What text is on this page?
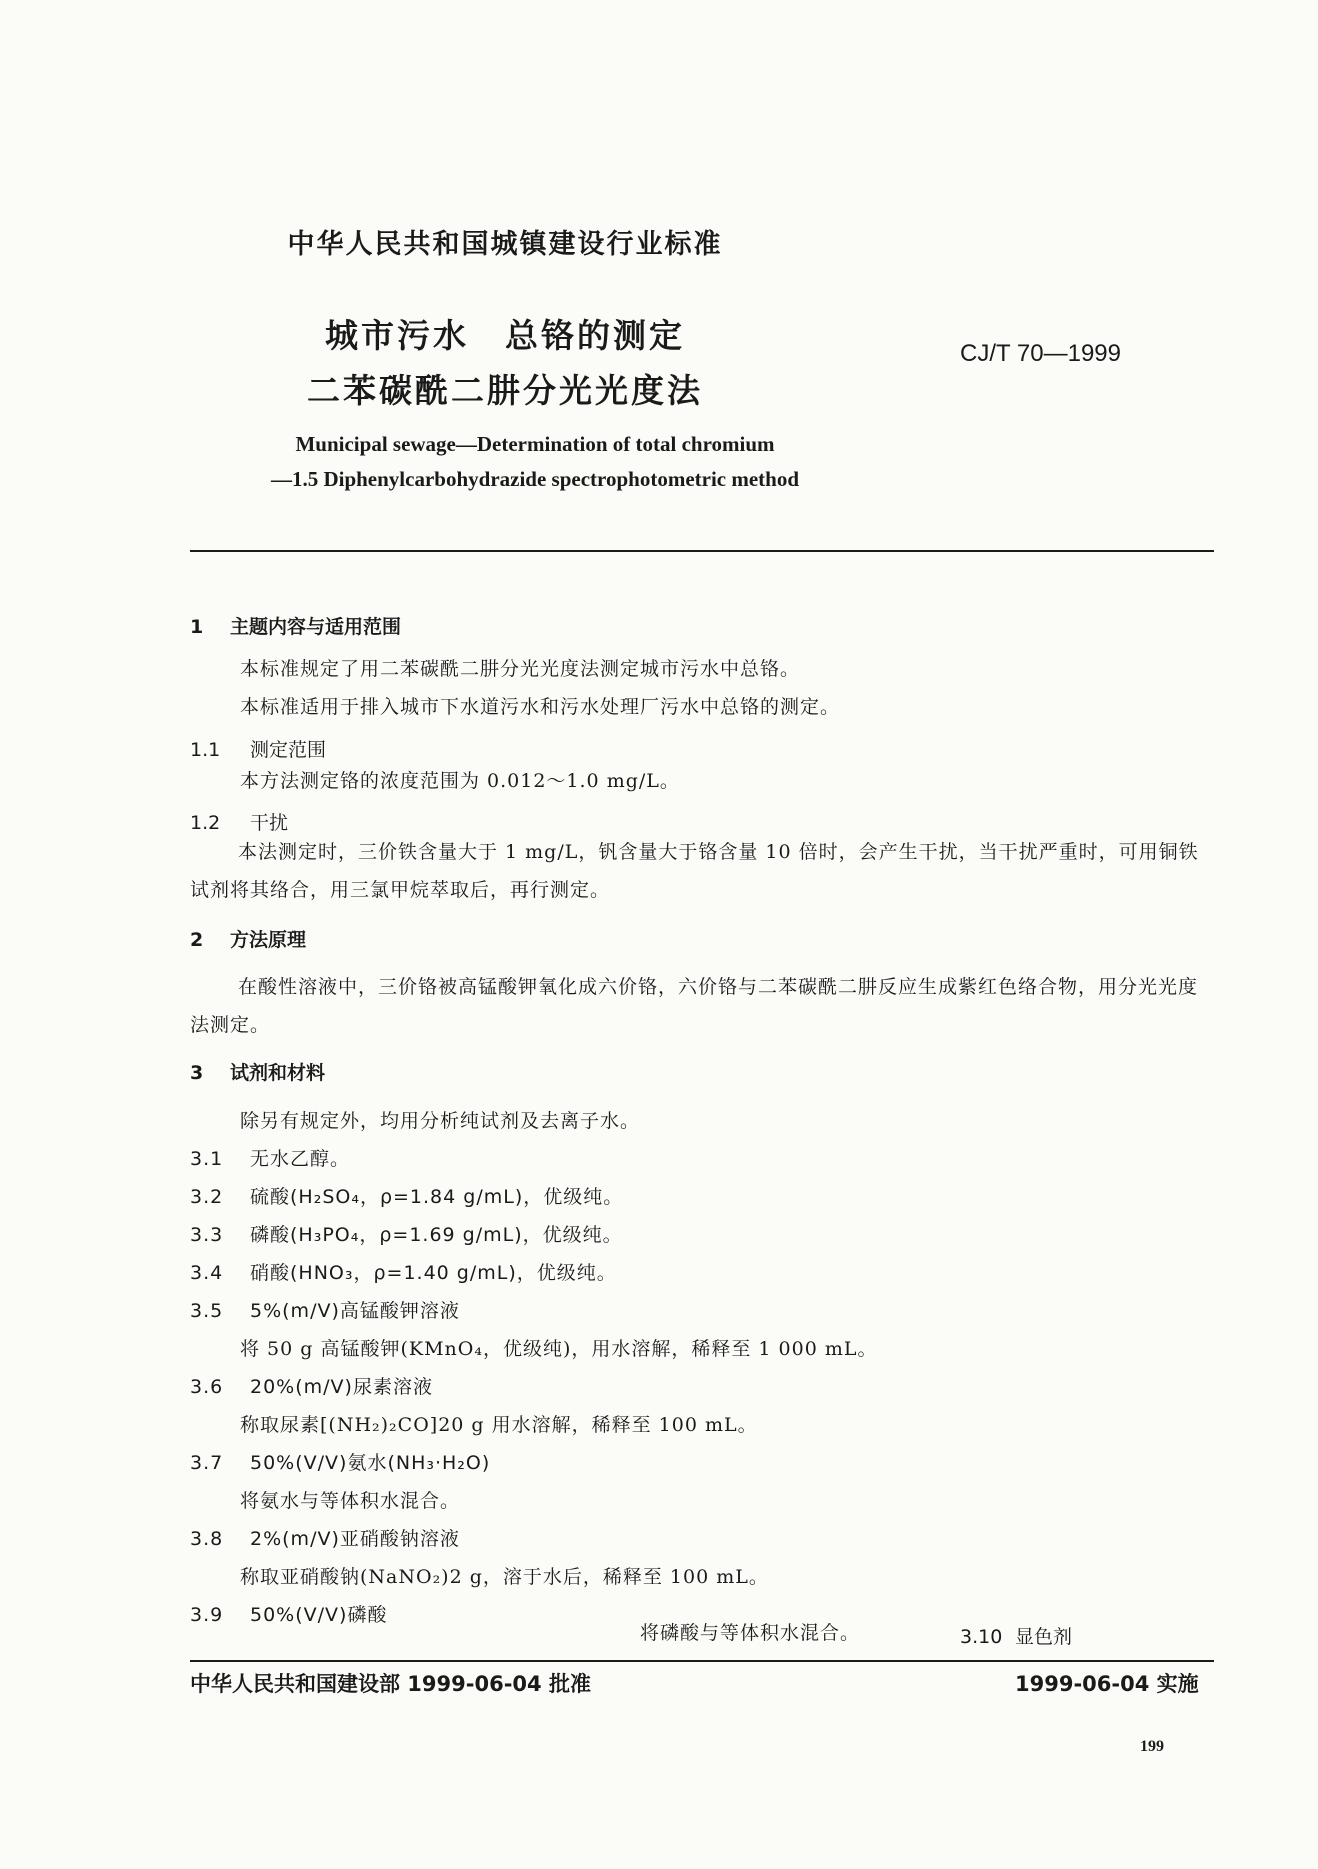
中华人民共和国城镇建设行业标准
城市污水　总铬的测定
二苯碳酰二肼分光光度法
CJ/T 70—1999
Municipal sewage—Determination of total chromium
—1.5 Diphenylcarbohydrazide spectrophotometric method
1 主题内容与适用范围
本标准规定了用二苯碳酰二肼分光光度法测定城市污水中总铬。
本标准适用于排入城市下水道污水和污水处理厂污水中总铬的测定。
1.1 测定范围
本方法测定铬的浓度范围为 0.012～1.0 mg/L。
1.2 干扰
本法测定时，三价铁含量大于 1 mg/L，钒含量大于铬含量 10 倍时，会产生干扰，当干扰严重时，可用铜铁试剂将其络合，用三氯甲烷萃取后，再行测定。
2 方法原理
在酸性溶液中，三价铬被高锰酸钾氧化成六价铬，六价铬与二苯碳酰二肼反应生成紫红色络合物，用分光光度法测定。
3 试剂和材料
除另有规定外，均用分析纯试剂及去离子水。
3.1 无水乙醇。
3.2 硫酸(H₂SO₄，ρ=1.84 g/mL)，优级纯。
3.3 磷酸(H₃PO₄，ρ=1.69 g/mL)，优级纯。
3.4 硝酸(HNO₃，ρ=1.40 g/mL)，优级纯。
3.5 5%(m/V)高锰酸钾溶液
将 50 g 高锰酸钾(KMnO₄，优级纯)，用水溶解，稀释至 1 000 mL。
3.6 20%(m/V)尿素溶液
称取尿素[(NH₂)₂CO]20 g 用水溶解，稀释至 100 mL。
3.7 50%(V/V)氨水(NH₃·H₂O)
将氨水与等体积水混合。
3.8 2%(m/V)亚硝酸钠溶液
称取亚硝酸钠(NaNO₂)2 g，溶于水后，稀释至 100 mL。
3.9 50%(V/V)磷酸
中华人民共和国建设部 1999-06-04 批准	1999-06-04 实施
199
将磷酸与等体积水混合。	3.10 显色剂
